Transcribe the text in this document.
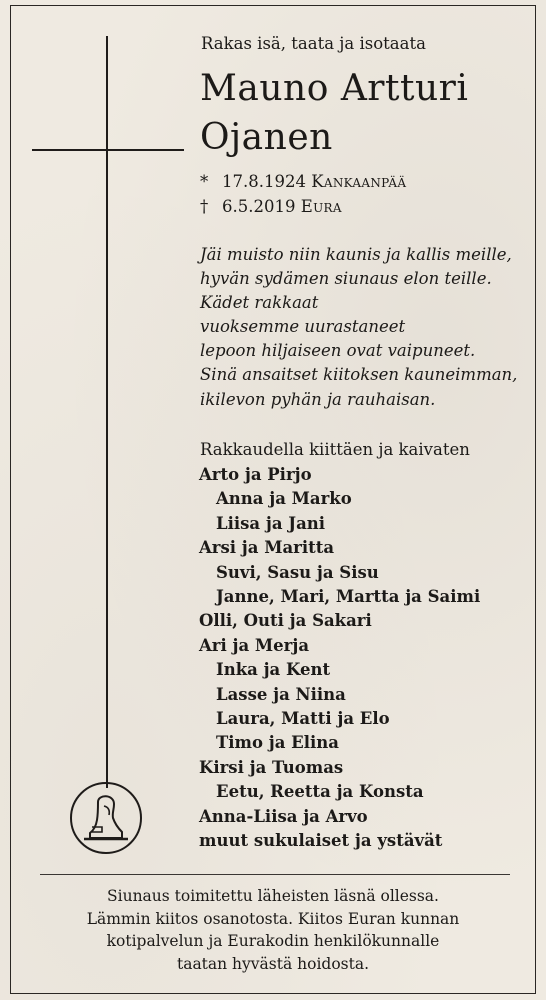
Rakas isä, taata ja isotaata
Mauno Artturi
Ojanen
* 17.8.1924 Kankaanpää
† 6.5.2019 Eura
Jäi muisto niin kaunis ja kallis meille,
hyvän sydämen siunaus elon teille.
Kädet rakkaat
vuoksemme uurastaneet
lepoon hiljaiseen ovat vaipuneet.
Sinä ansaitset kiitoksen kauneimman,
ikilevon pyhän ja rauhaisan.
Rakkaudella kiittäen ja kaivaten
Arto ja Pirjo
Anna ja Marko
Liisa ja Jani
Arsi ja Maritta
Suvi, Sasu ja Sisu
Janne, Mari, Martta ja Saimi
Olli, Outi ja Sakari
Ari ja Merja
Inka ja Kent
Lasse ja Niina
Laura, Matti ja Elo
Timo ja Elina
Kirsi ja Tuomas
Eetu, Reetta ja Konsta
Anna-Liisa ja Arvo
muut sukulaiset ja ystävät
Siunaus toimitettu läheisten läsnä ollessa.
Lämmin kiitos osanotosta. Kiitos Euran kunnan
kotipalvelun ja Eurakodin henkilökunnalle
taatan hyvästä hoidosta.
